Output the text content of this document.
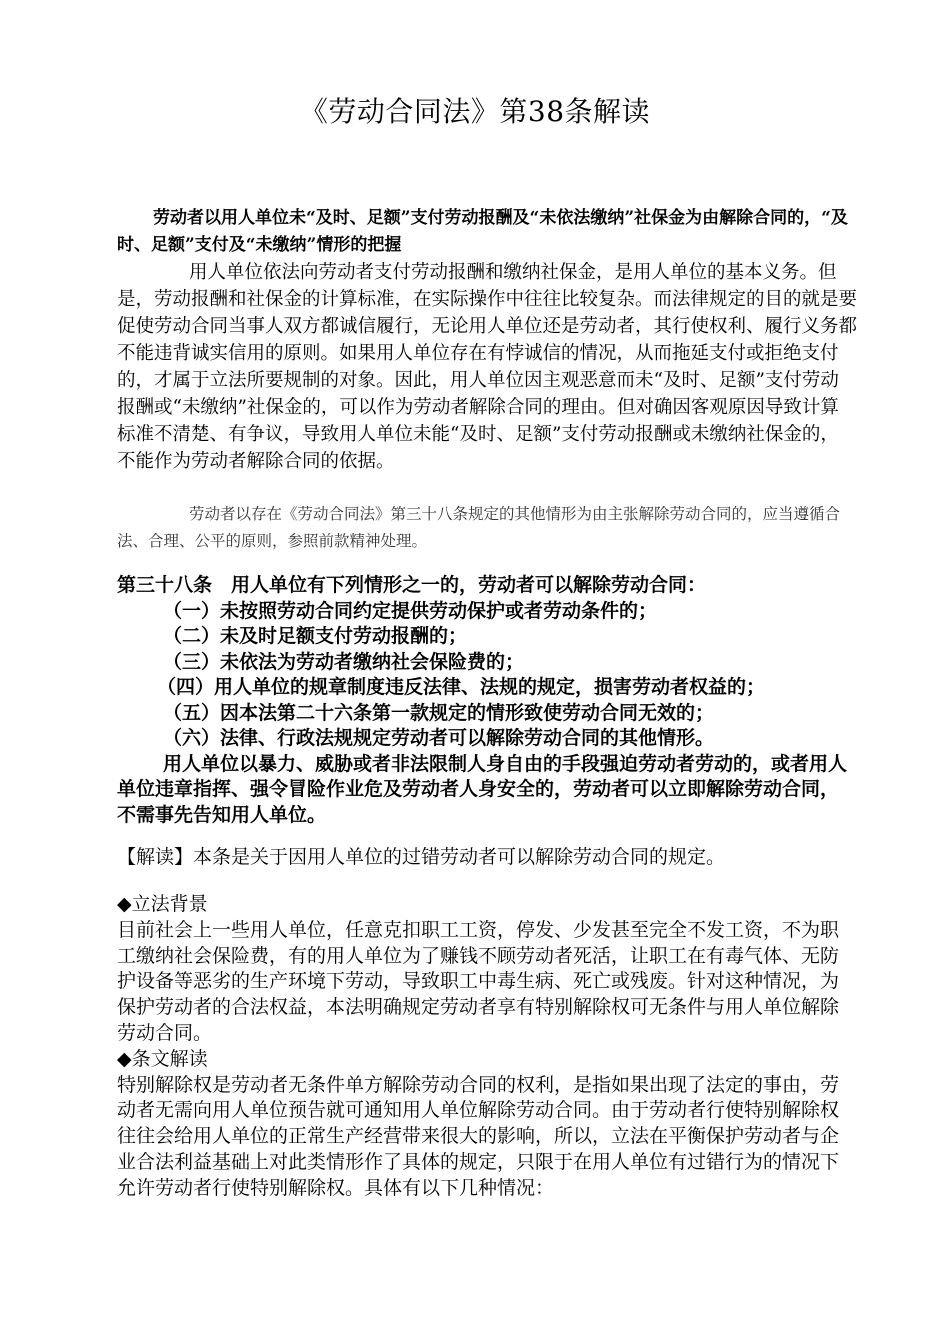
《劳动合同法》第38条解读

劳动者以用人单位未“及时、足额”支付劳动报酬及“未依法缴纳”社保金为由解除合同的，“及时、足额”支付及“未缴纳”情形的把握

用人单位依法向劳动者支付劳动报酬和缴纳社保金，是用人单位的基本义务。但是，劳动报酬和社保金的计算标准，在实际操作中往往比较复杂。而法律规定的目的就是要促使劳动合同当事人双方都诚信履行，无论用人单位还是劳动者，其行使权利、履行义务都不能违背诚实信用的原则。如果用人单位存在有悖诚信的情况，从而拖延支付或拒绝支付的，才属于立法所要规制的对象。因此，用人单位因主观恶意而未“及时、足额”支付劳动报酬或“未缴纳”社保金的，可以作为劳动者解除合同的理由。但对确因客观原因导致计算标准不清楚、有争议，导致用人单位未能“及时、足额”支付劳动报酬或未缴纳社保金的，不能作为劳动者解除合同的依据。

劳动者以存在《劳动合同法》第三十八条规定的其他情形为由主张解除劳动合同的，应当遵循合法、合理、公平的原则，参照前款精神处理。

第三十八条　用人单位有下列情形之一的，劳动者可以解除劳动合同：

（一）未按照劳动合同约定提供劳动保护或者劳动条件的；

（二）未及时足额支付劳动报酬的；

（三）未依法为劳动者缴纳社会保险费的；

（四）用人单位的规章制度违反法律、法规的规定，损害劳动者权益的；

（五）因本法第二十六条第一款规定的情形致使劳动合同无效的；

（六）法律、行政法规规定劳动者可以解除劳动合同的其他情形。

用人单位以暴力、威胁或者非法限制人身自由的手段强迫劳动者劳动的，或者用人单位违章指挥、强令冒险作业危及劳动者人身安全的，劳动者可以立即解除劳动合同，不需事先告知用人单位。

【解读】本条是关于因用人单位的过错劳动者可以解除劳动合同的规定。

◆立法背景

目前社会上一些用人单位，任意克扣职工工资，停发、少发甚至完全不发工资，不为职工缴纳社会保险费，有的用人单位为了赚钱不顾劳动者死活，让职工在有毒气体、无防护设备等恶劣的生产环境下劳动，导致职工中毒生病、死亡或残废。针对这种情况，为保护劳动者的合法权益，本法明确规定劳动者享有特别解除权可无条件与用人单位解除劳动合同。

◆条文解读

特别解除权是劳动者无条件单方解除劳动合同的权利，是指如果出现了法定的事由，劳动者无需向用人单位预告就可通知用人单位解除劳动合同。由于劳动者行使特别解除权往往会给用人单位的正常生产经营带来很大的影响，所以，立法在平衡保护劳动者与企业合法利益基础上对此类情形作了具体的规定，只限于在用人单位有过错行为的情况下允许劳动者行使特别解除权。具体有以下几种情况：
